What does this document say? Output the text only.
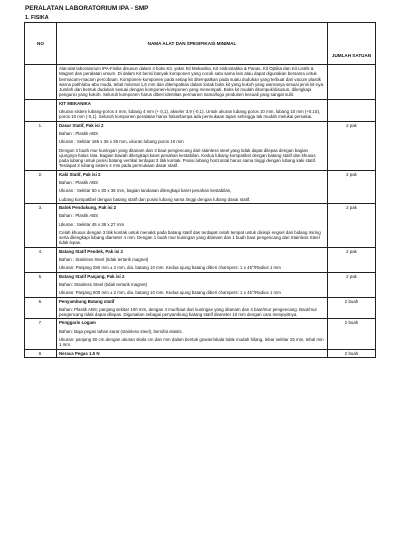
PERALATAN LABORATORIUM IPA - SMP
1. FISIKA
NO	NAMA ALAT DAN SPESIFIKASI MINIMAL	JUMLAH SATUAN
	Alat-alat laboratorium IPA-Fisika disusun dalam 4 boks Kit, yakni Kit Mekanika, Kit Hidrostatika & Panas, Kit Optika dan Kit Listrik & Magnet dan peralatan umum. Di dalam Kit berisi banyak komponen yang cocok satu sama lain atau dapat digunakan bersama untuk bermacam-macam percobaan. Komponen-komponen pada setiap kit ditempatkan pada suatu dudukan yang terbuat dari vacum plastik warna putih/abu-abu muda, tebal minimal 1,6 mm dan ditempatkan dalam kotak boks kit yang kokoh yang warnanya sesuai jenis kit-nya. Jumlah dan bentuk dudukan sesuai dengan komponen-komponen yang menempati. Boks kit mudah ditumpuk/disusun, dilengkapi pengunci yang kokoh. Seluruh komponen harus diberi identitas permanen nama/logo produsen kecuali yang sangat sulit.	

	KIT MEKANIKA
Ukuran sistem lubang-poros 4 mm, lubang 4 mm (+ 0,1), akseler 3,9 (-0,1). Untuk ukuran lubang poros 10 mm, lubang 10 mm (+0,15), poros 10 mm (-0,1). Seluruh komponen peralatan harus halus/tampa ada permukaan tajam sehingga tak mudah melukai pemakai.	

1.	Dasar Statif, Pak isi 2
Bahan : Plastik ABS
Ukuran : Sekitar 185 x 36 x 35 mm, ukuran lubang poros 10 mm
Dengan 3 buah mur kuningan yang ditanam dan 3 baut pengencang dari stainless steel yang tidak dapat dilepas dengan bagian ujungnya halus rata. Bagian bawah dilengkapi karet penahan kestabilan. Kedua lubang kompatibel dengan batang statif dan khusus pada lubang untuk posisi batang vertikal terdapat 3 titik kontak. Posisi lubang horizontal harus sama tinggi dengan lubang kaki statif. Terdapat 3 lubang sistem 4 mm pada permukaan dasar statif.	2 pak
2.	Kaki Statif, Pak isi 2
Bahan : Plastik ABS
Ukuran : Sekitar 50 x 30 x 36 mm, bagian landasan dilengkapi karet penahan kestabilan,
Lubang kompatibel dengan batang statif dan posisi lubang sama tinggi dengan lubang dasar statif.	2 pak
3.	Balok Pendukung, Pak isi 2
Bahan : Plastik ABS
Ukuran : Sekitar 45 x 38 x 27 mm
Celah khusus dengan 3 titik kontak untuk menakit pada batang statif dan terdapat celah tempat untuk disisipi engsel dari bidang miring serta dilengkapi lubang diameter 4 mm. Dengan 1 buah mur kuningan yang ditanam dan 1 buah baut pengencang dari Stainless Steel tidak lepas.	2 pak
4.	Batang Statif Pendek, Pak isi 2
Bahan : Stainless Steel (tidak tertarik magnet)
Ukuran: Panjang 250 mm ± 2 mm, dia. batang 10 mm. Kedua ujung batang diberi champers: 1 x 45°/Radius 1 mm	2 pak
5.	Batang Statif Panjang, Pak isi 2
Bahan: Stainless Steel (tidak tertarik magnet)
Ukuran: Panjang 500 mm ± 2 mm, dia. batang 10 mm. Kedua ujung batang diberi champers: 1 x 45°/Radius 1 mm	2 pak
6.	Penyambung Batang statif
Bahan: Plastik ABS; panjang sekitar 100 mm, dengan 4 mur/baut dari kuningan yang ditanam dan 4 baut/mur pengencang. Baut/mur pengencang tidak dapat dilepas. Digunakan sebagai penyambung batang statif diameter 10 mm dengan cara menjepitnya.	2 buah
7.	Penggaris Logam
Bahan: Baja pegas tahan karat (stainless steel), bersifat elastis.
Ukuran: panjang 50 cm dengan ukuran skala cm dan mm dalam bentuk gravier/skala tidak mudah hilang, lebar sekitar 25 mm, tebal min 1 mm.	2 buah
8.	Neraca Pegas 1.5 N	2 buah
